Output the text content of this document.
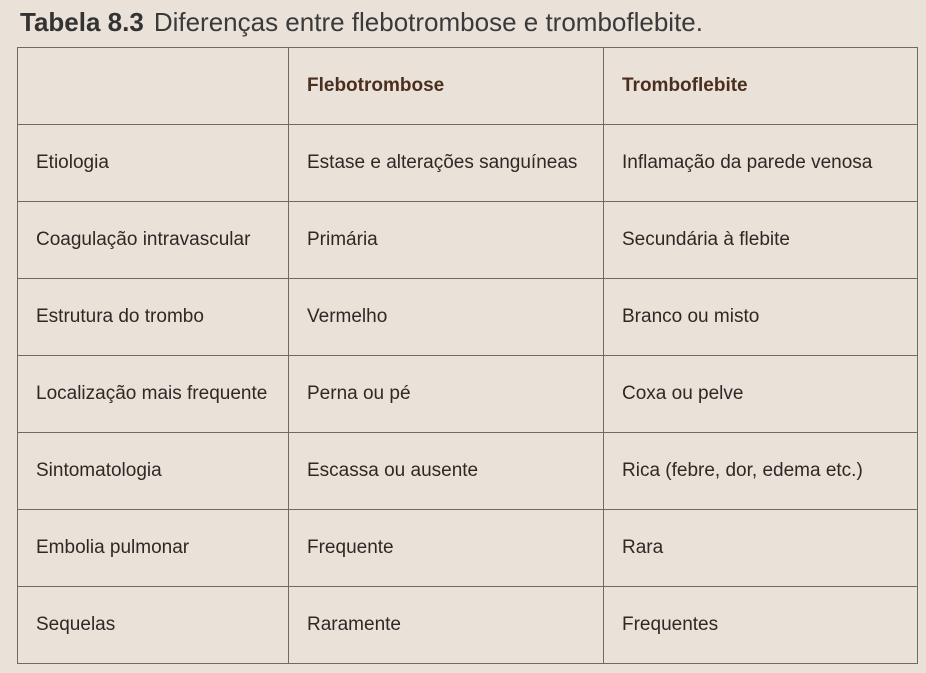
Tabela 8.3 Diferenças entre flebotrombose e tromboflebite.
	Flebotrombose	Tromboflebite
Etiologia	Estase e alterações sanguíneas	Inflamação da parede venosa
Coagulação intravascular	Primária	Secundária à flebite
Estrutura do trombo	Vermelho	Branco ou misto
Localização mais frequente	Perna ou pé	Coxa ou pelve
Sintomatologia	Escassa ou ausente	Rica (febre, dor, edema etc.)
Embolia pulmonar	Frequente	Rara
Sequelas	Raramente	Frequentes
